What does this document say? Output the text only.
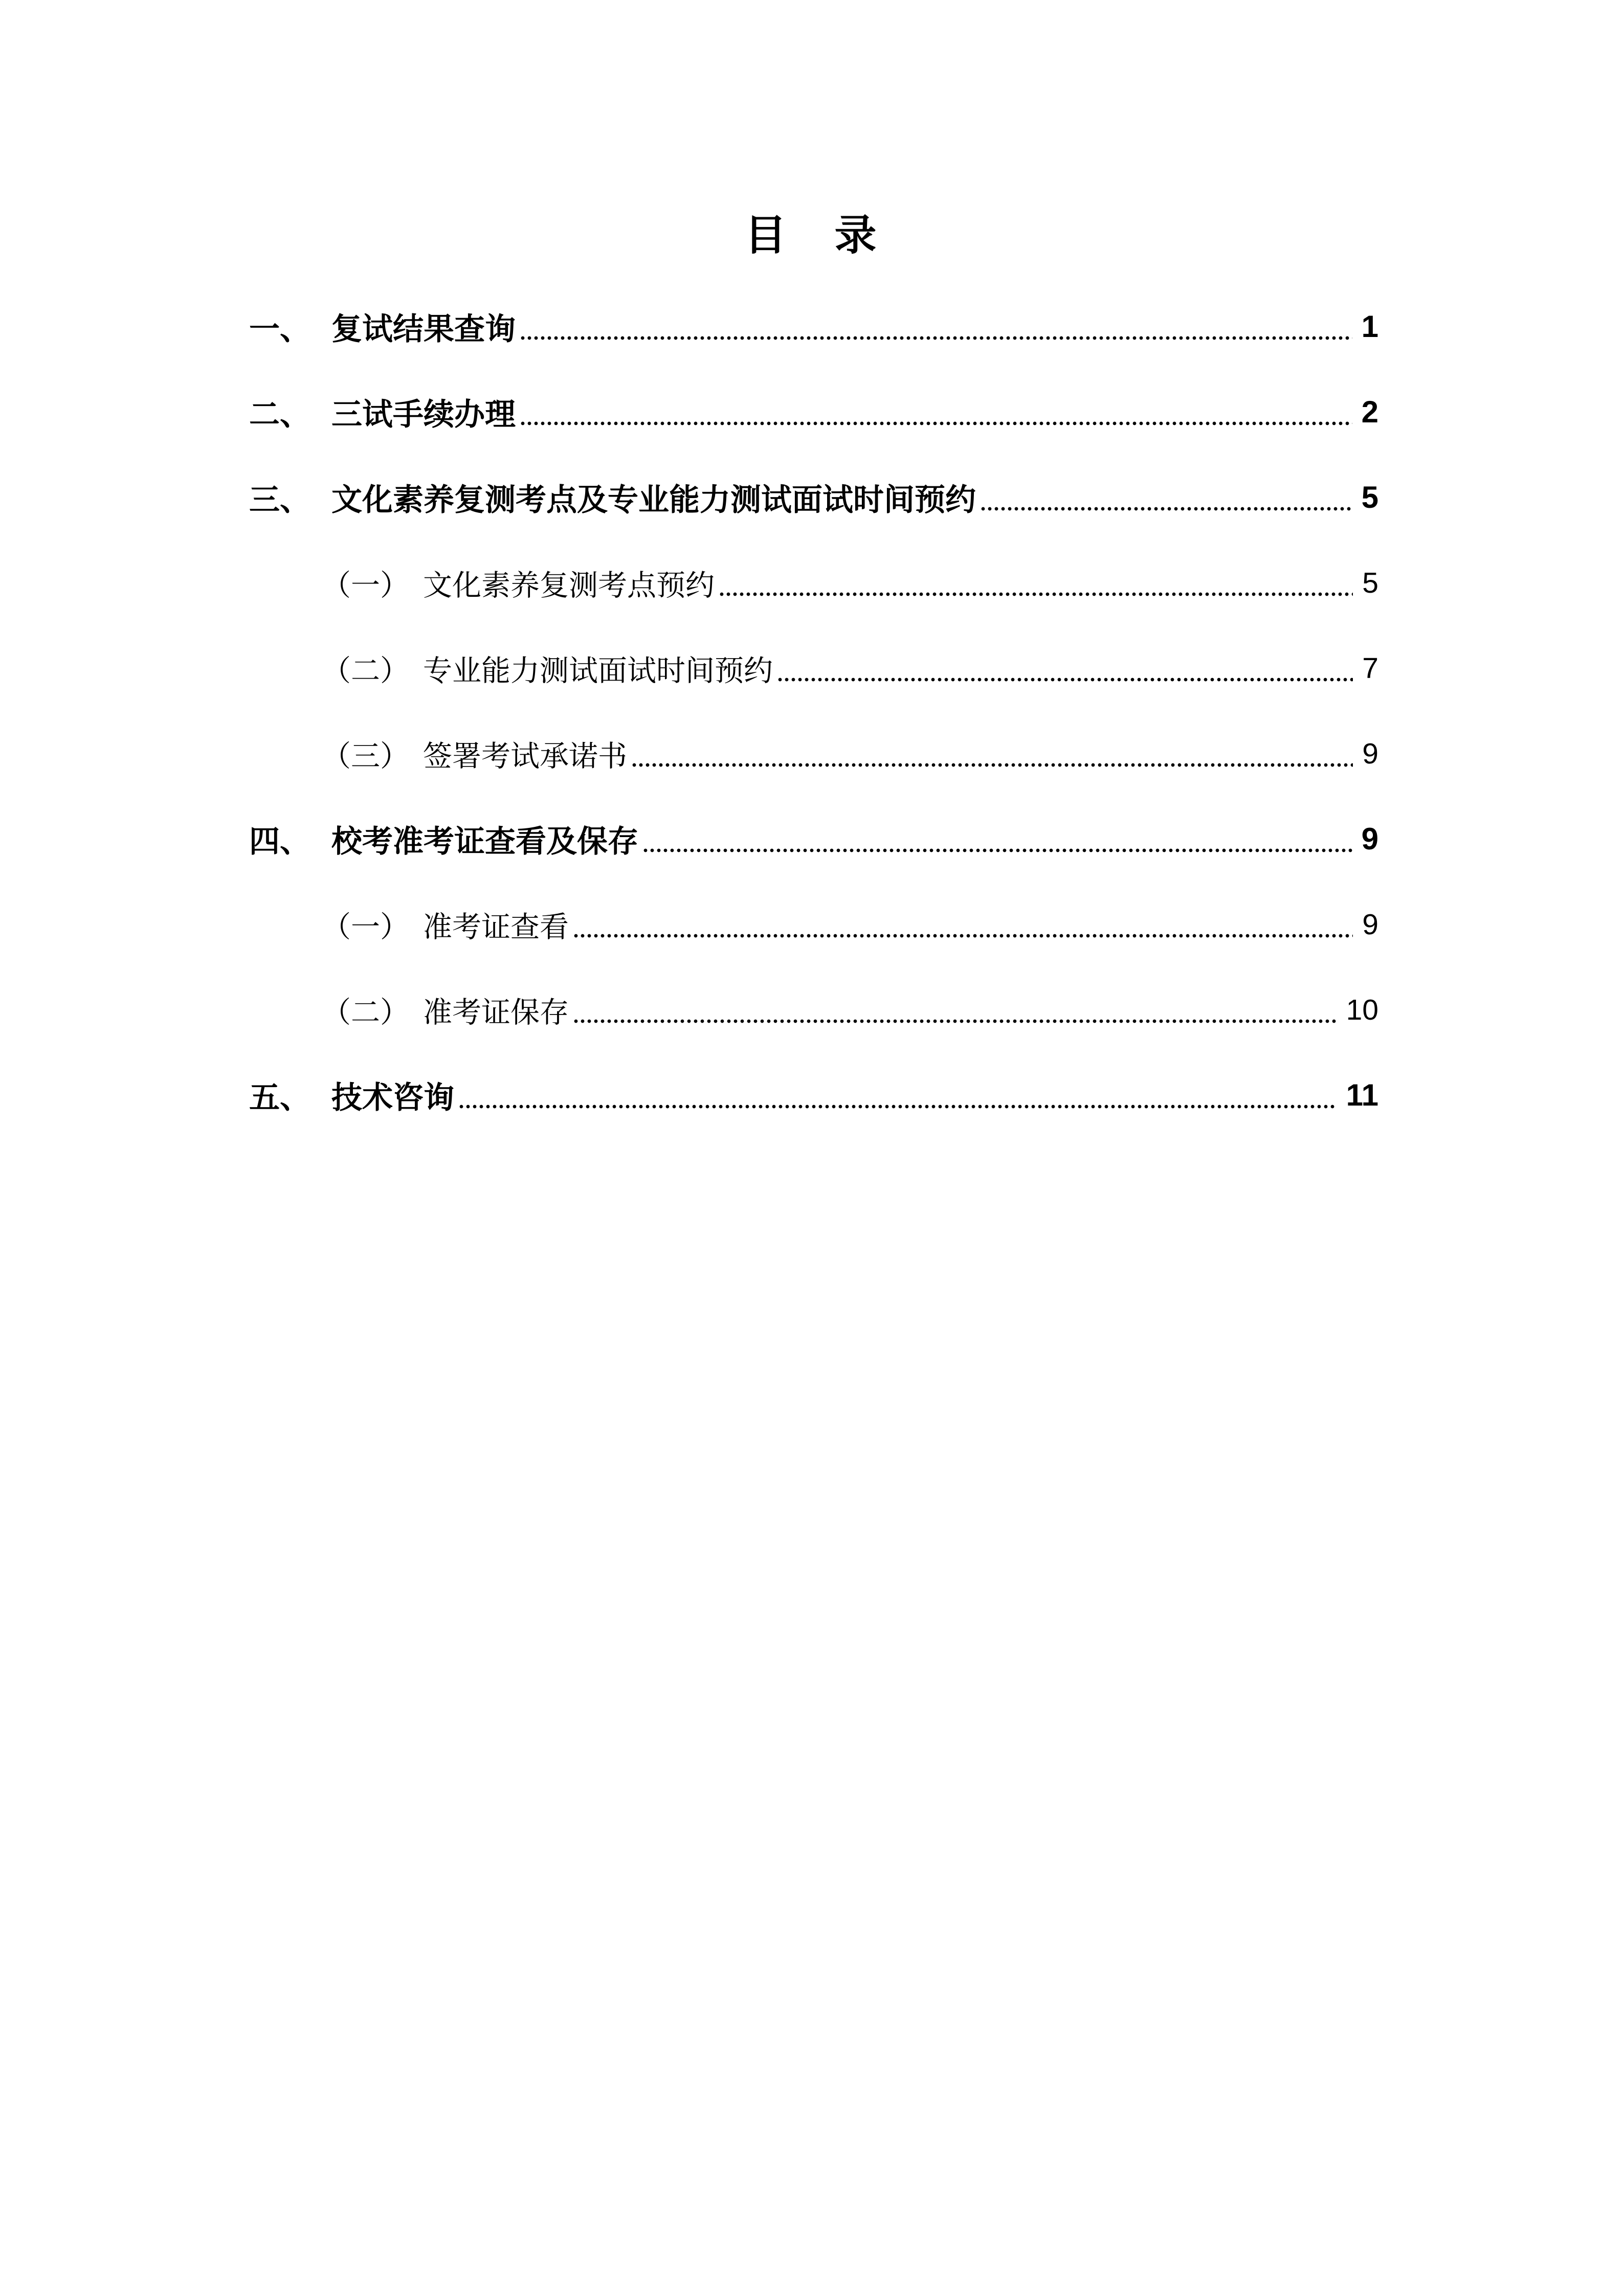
目　录
一、 复试结果查询	1
二、 三试手续办理	2
三、 文化素养复测考点及专业能力测试面试时间预约	5
（一） 文化素养复测考点预约	5
（二） 专业能力测试面试时间预约	7
（三） 签署考试承诺书	9
四、 校考准考证查看及保存	9
（一） 准考证查看	9
（二） 准考证保存	10
五、 技术咨询	11
